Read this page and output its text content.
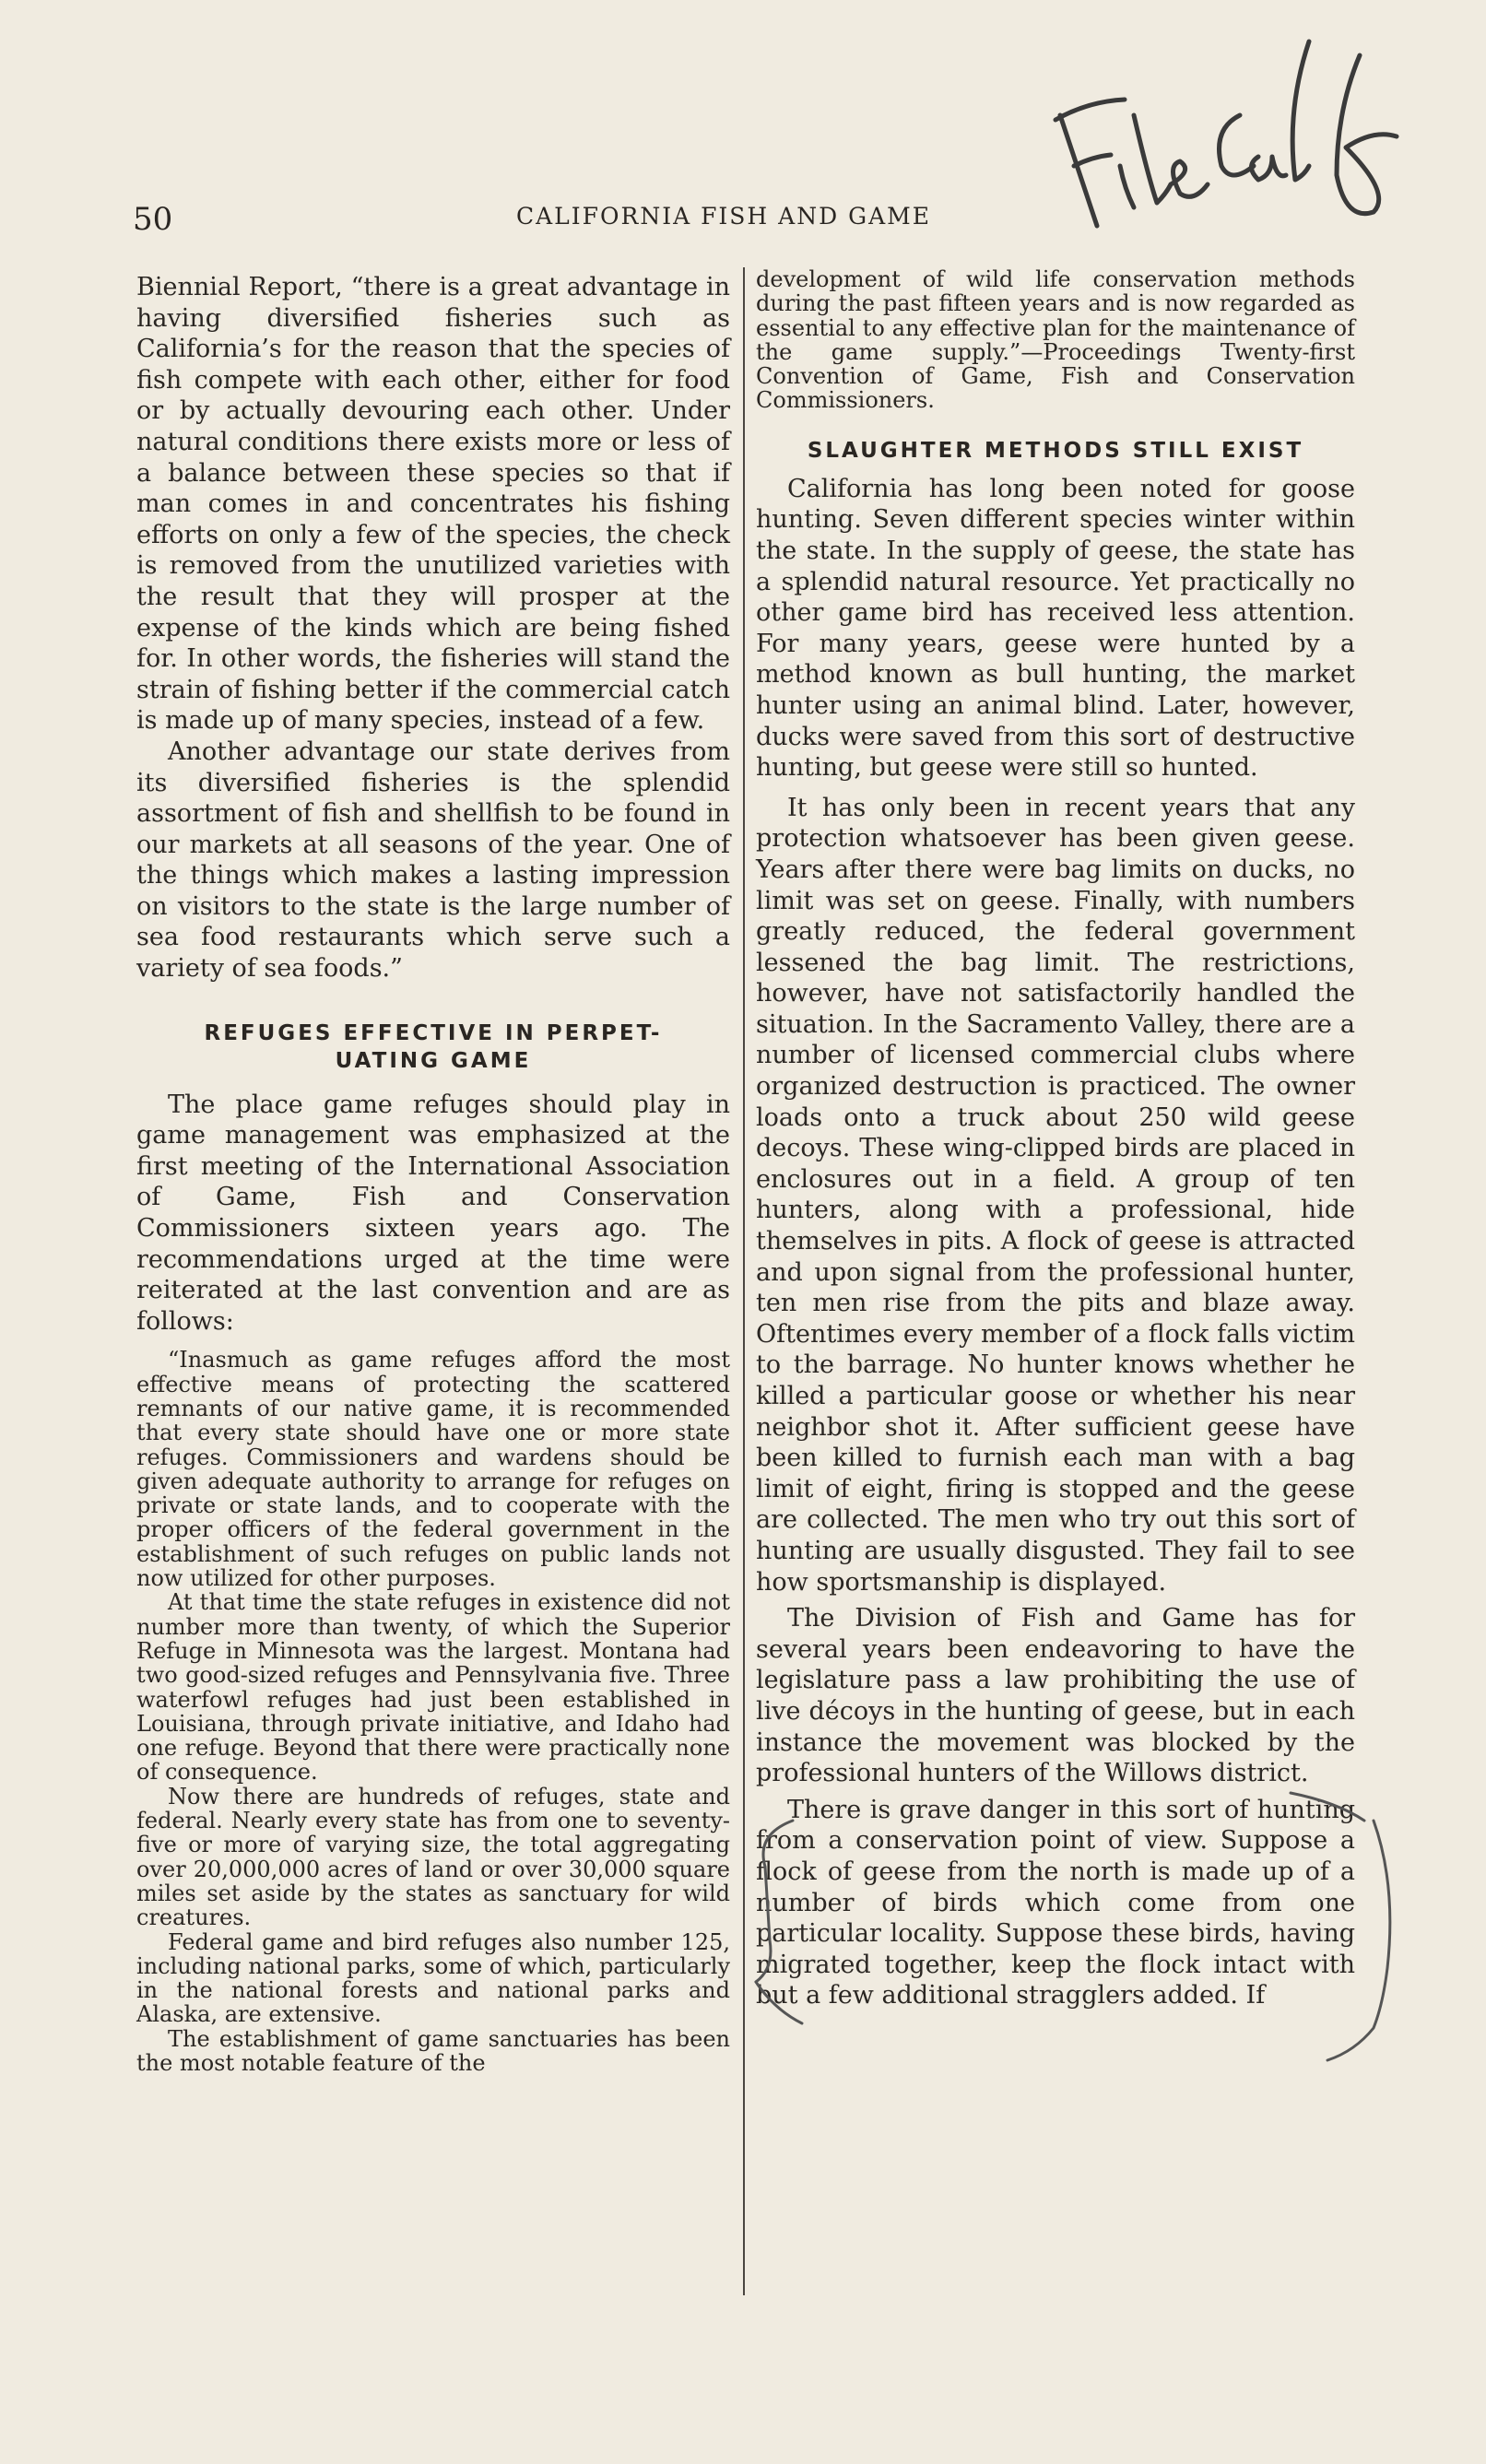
50	CALIFORNIA FISH AND GAME

Biennial Report, “there is a great advantage in having diversified fisheries such as California’s for the reason that the species of fish compete with each other, either for food or by actually devouring each other. Under natural conditions there exists more or less of a balance between these species so that if man comes in and concentrates his fishing efforts on only a few of the species, the check is removed from the unutilized varieties with the result that they will prosper at the expense of the kinds which are being fished for. In other words, the fisheries will stand the strain of fishing better if the commercial catch is made up of many species, instead of a few.

Another advantage our state derives from its diversified fisheries is the splendid assortment of fish and shellfish to be found in our markets at all seasons of the year. One of the things which makes a lasting impression on visitors to the state is the large number of sea food restaurants which serve such a variety of sea foods.”

REFUGES EFFECTIVE IN PERPET-
UATING GAME

The place game refuges should play in game management was emphasized at the first meeting of the International Association of Game, Fish and Conservation Commissioners sixteen years ago. The recommendations urged at the time were reiterated at the last convention and are as follows:

“Inasmuch as game refuges afford the most effective means of protecting the scattered remnants of our native game, it is recommended that every state should have one or more state refuges. Commissioners and wardens should be given adequate authority to arrange for refuges on private or state lands, and to cooperate with the proper officers of the federal government in the establishment of such refuges on public lands not now utilized for other purposes.

At that time the state refuges in existence did not number more than twenty, of which the Superior Refuge in Minnesota was the largest. Montana had two good-sized refuges and Pennsylvania five. Three waterfowl refuges had just been established in Louisiana, through private initiative, and Idaho had one refuge. Beyond that there were practically none of consequence.

Now there are hundreds of refuges, state and federal. Nearly every state has from one to seventy-five or more of varying size, the total aggregating over 20,000,000 acres of land or over 30,000 square miles set aside by the states as sanctuary for wild creatures.

Federal game and bird refuges also number 125, including national parks, some of which, particularly in the national forests and national parks and Alaska, are extensive.

The establishment of game sanctuaries has been the most notable feature of the

development of wild life conservation methods during the past fifteen years and is now regarded as essential to any effective plan for the maintenance of the game supply.”—Proceedings Twenty-first Convention of Game, Fish and Conservation Commissioners.

SLAUGHTER METHODS STILL EXIST

California has long been noted for goose hunting. Seven different species winter within the state. In the supply of geese, the state has a splendid natural resource. Yet practically no other game bird has received less attention. For many years, geese were hunted by a method known as bull hunting, the market hunter using an animal blind. Later, however, ducks were saved from this sort of destructive hunting, but geese were still so hunted.

It has only been in recent years that any protection whatsoever has been given geese. Years after there were bag limits on ducks, no limit was set on geese. Finally, with numbers greatly reduced, the federal government lessened the bag limit. The restrictions, however, have not satisfactorily handled the situation. In the Sacramento Valley, there are a number of licensed commercial clubs where organized destruction is practiced. The owner loads onto a truck about 250 wild geese decoys. These wing-clipped birds are placed in enclosures out in a field. A group of ten hunters, along with a professional, hide themselves in pits. A flock of geese is attracted and upon signal from the professional hunter, ten men rise from the pits and blaze away. Oftentimes every member of a flock falls victim to the barrage. No hunter knows whether he killed a particular goose or whether his near neighbor shot it. After sufficient geese have been killed to furnish each man with a bag limit of eight, firing is stopped and the geese are collected. The men who try out this sort of hunting are usually disgusted. They fail to see how sportsmanship is displayed.

The Division of Fish and Game has for several years been endeavoring to have the legislature pass a law prohibiting the use of live décoys in the hunting of geese, but in each instance the movement was blocked by the professional hunters of the Willows district.

There is grave danger in this sort of hunting from a conservation point of view. Suppose a flock of geese from the north is made up of a number of birds which come from one particular locality. Suppose these birds, having migrated together, keep the flock intact with but a few additional stragglers added. If
